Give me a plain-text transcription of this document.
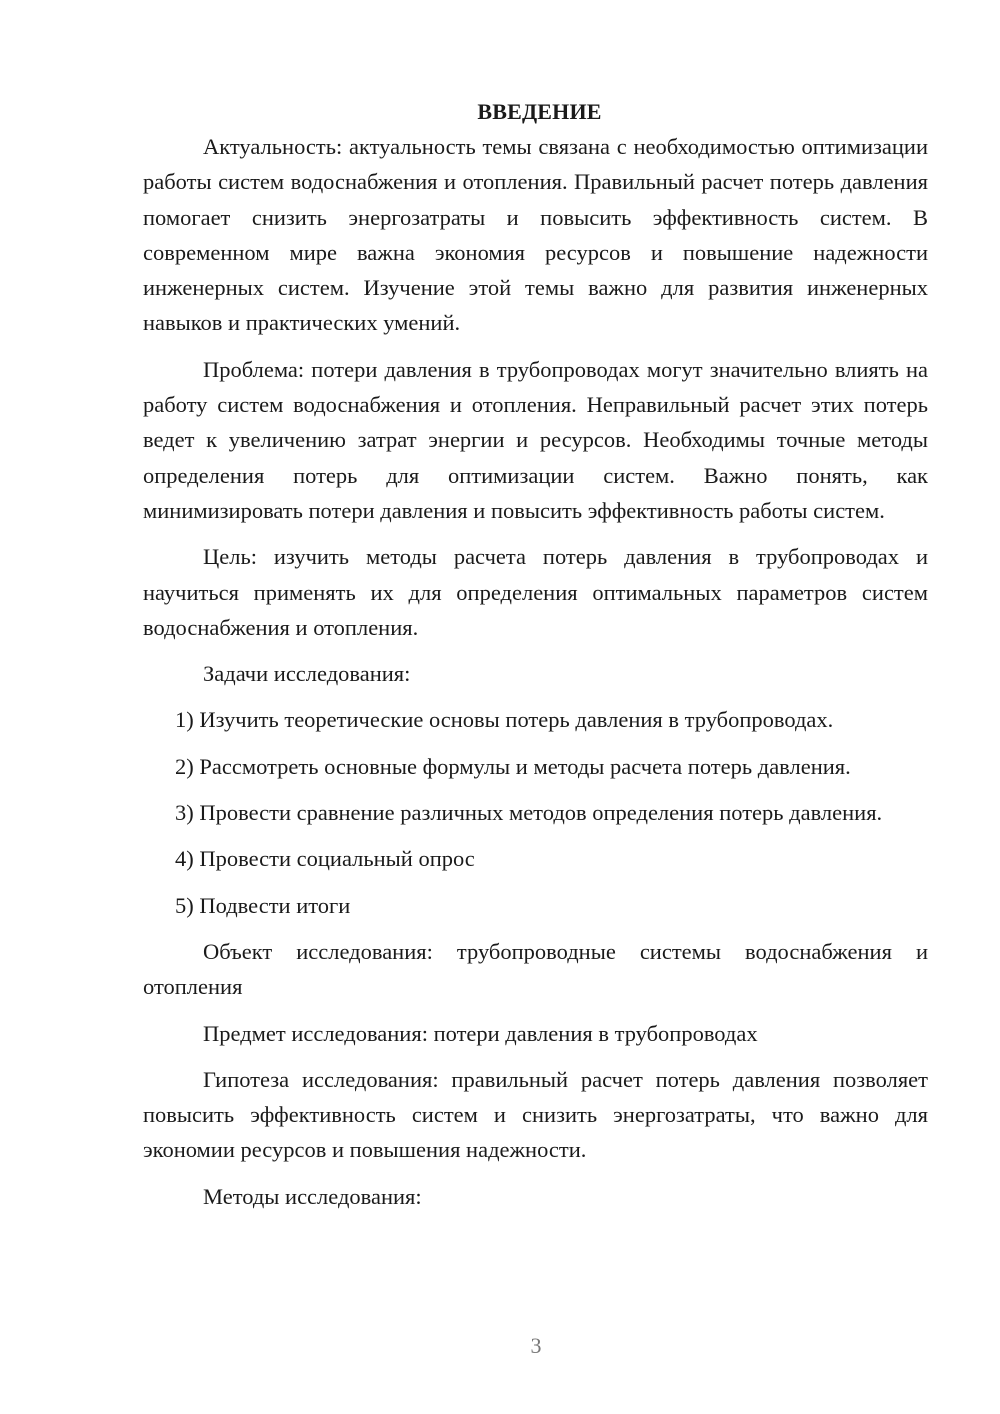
ВВЕДЕНИЕ

Актуальность: актуальность темы связана с необходимостью оптимизации работы систем водоснабжения и отопления. Правильный расчет потерь давления помогает снизить энергозатраты и повысить эффективность систем. В современном мире важна экономия ресурсов и повышение надежности инженерных систем. Изучение этой темы важно для развития инженерных навыков и практических умений.

Проблема: потери давления в трубопроводах могут значительно влиять на работу систем водоснабжения и отопления. Неправильный расчет этих потерь ведет к увеличению затрат энергии и ресурсов. Необходимы точные методы определения потерь для оптимизации систем. Важно понять, как минимизировать потери давления и повысить эффективность работы систем.

Цель: изучить методы расчета потерь давления в трубопроводах и научиться применять их для определения оптимальных параметров систем водоснабжения и отопления.

Задачи исследования:

1) Изучить теоретические основы потерь давления в трубопроводах.

2) Рассмотреть основные формулы и методы расчета потерь давления.

3) Провести сравнение различных методов определения потерь давления.

4) Провести социальный опрос

5) Подвести итоги

Объект исследования: трубопроводные системы водоснабжения и отопления

Предмет исследования: потери давления в трубопроводах

Гипотеза исследования: правильный расчет потерь давления позволяет повысить эффективность систем и снизить энергозатраты, что важно для экономии ресурсов и повышения надежности.

Методы исследования:

3
